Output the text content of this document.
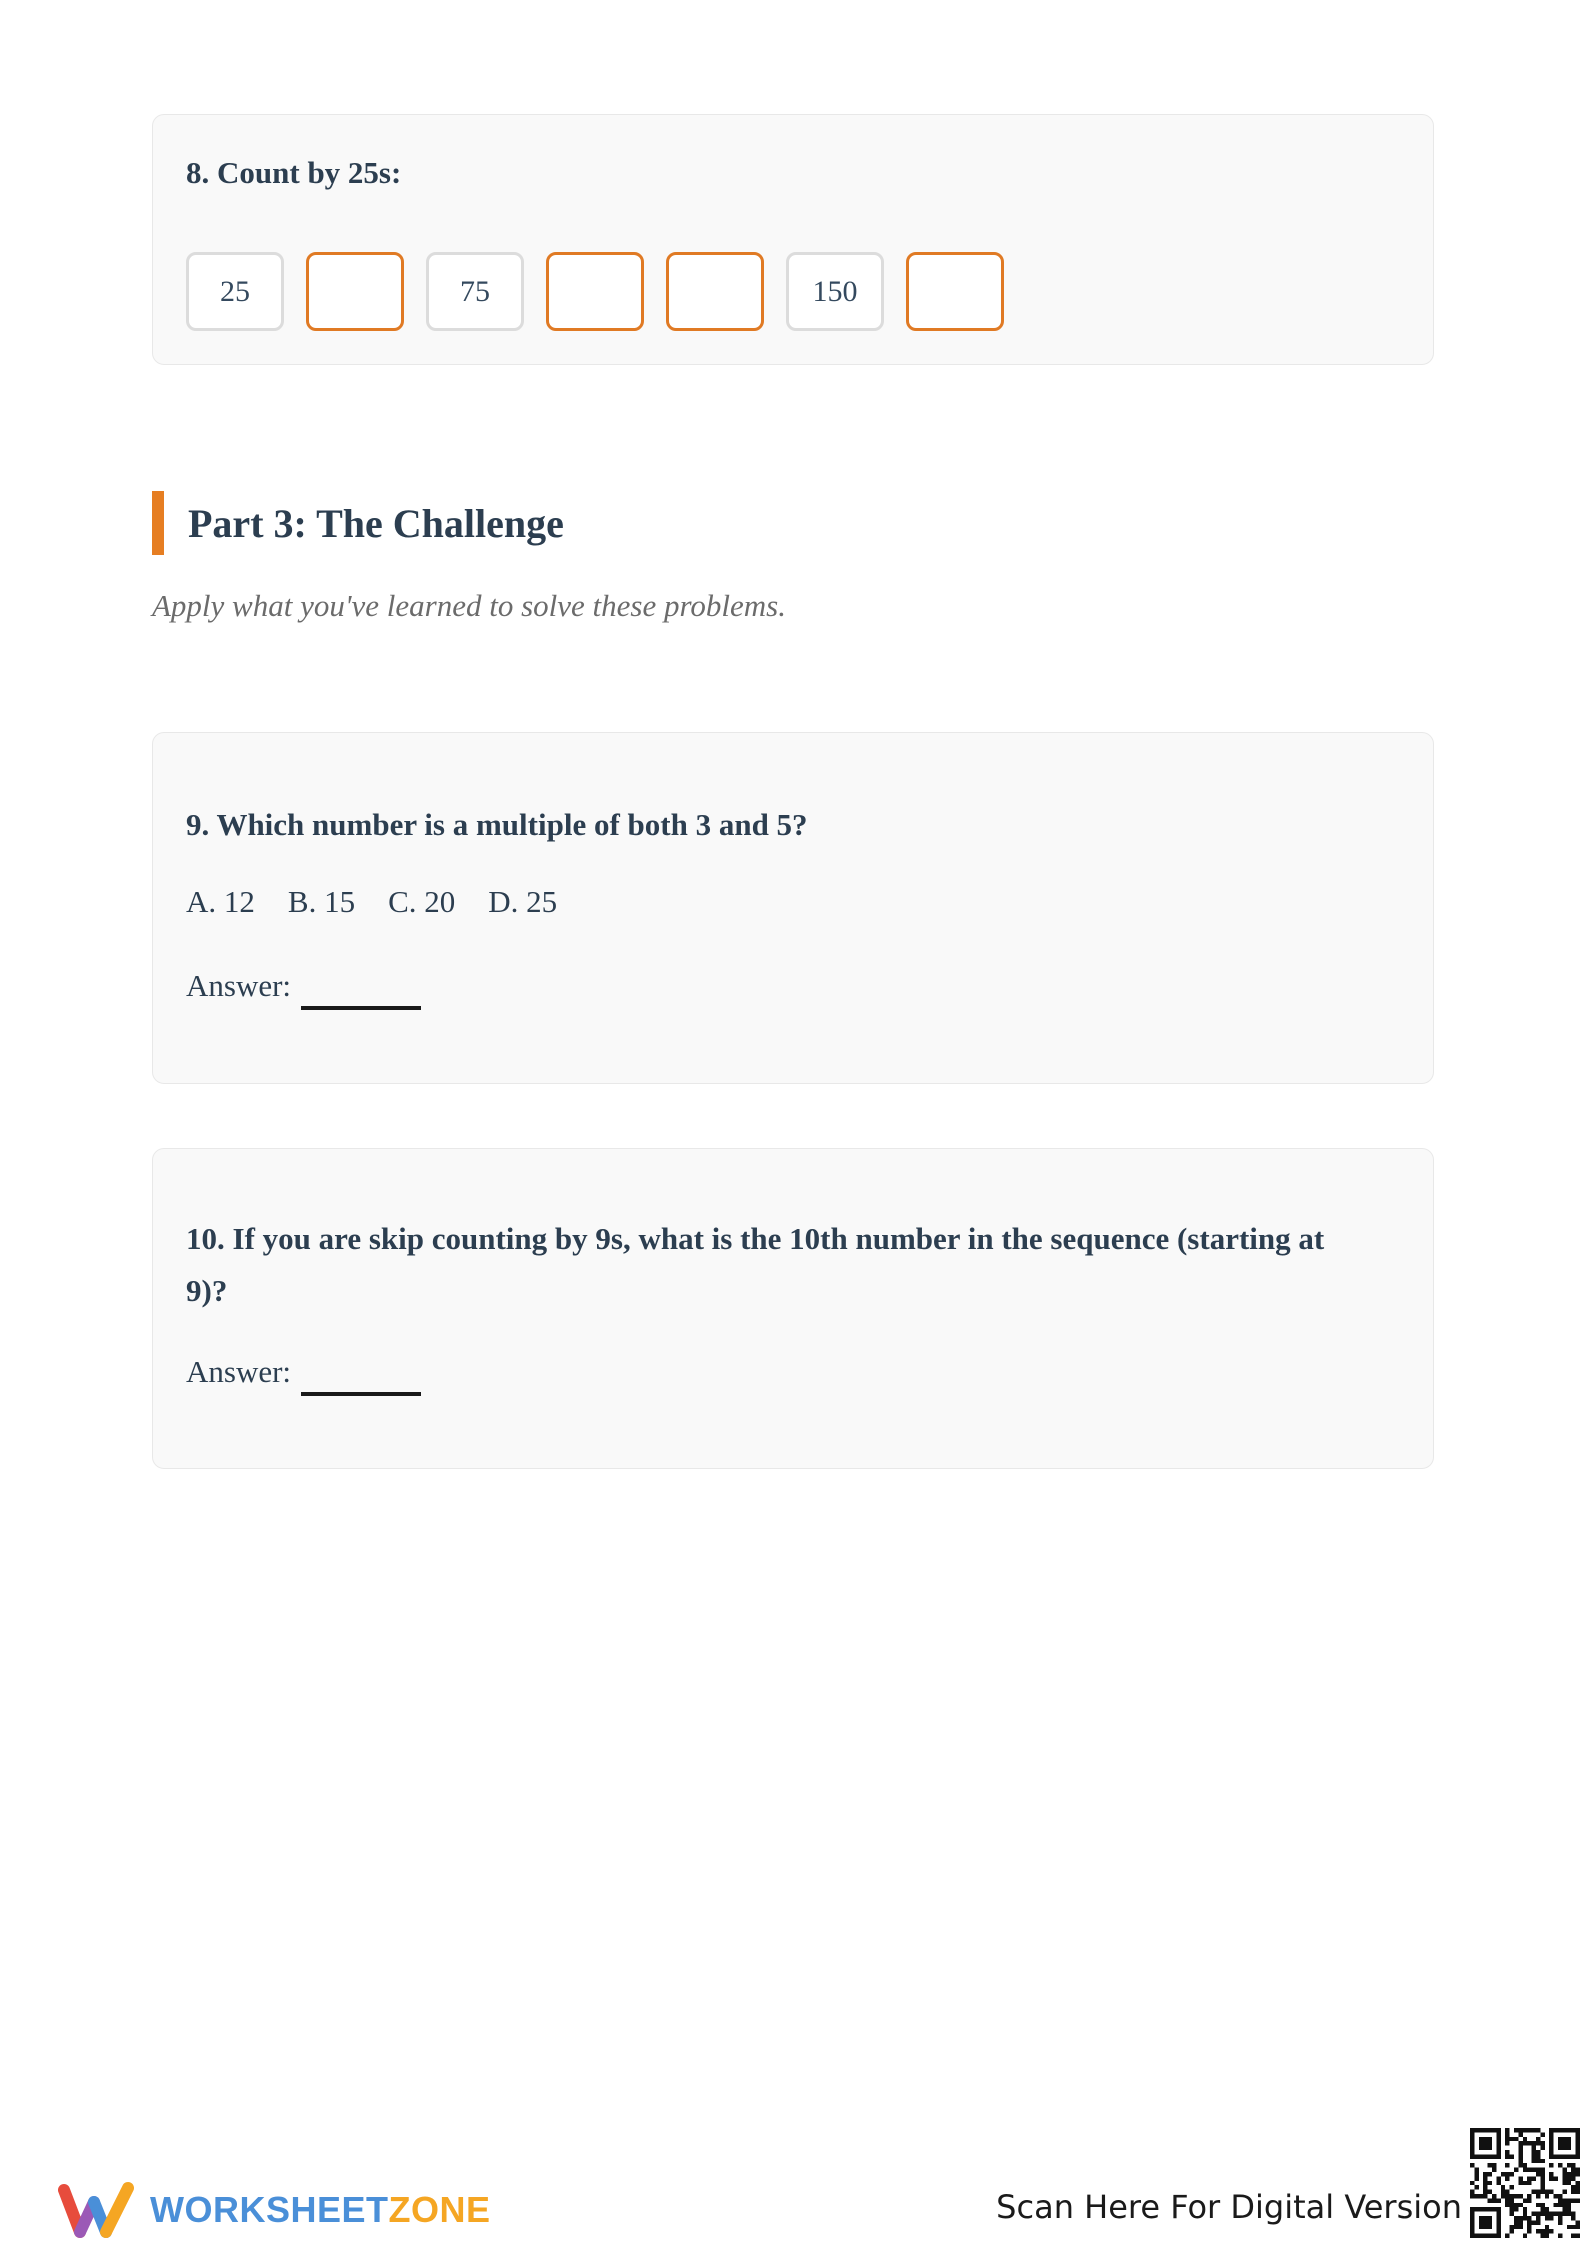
8. Count by 25s:
25	75	150
Part 3: The Challenge
Apply what you've learned to solve these problems.
9. Which number is a multiple of both 3 and 5?
A. 12 B. 15 C. 20 D. 25
Answer:
10. If you are skip counting by 9s, what is the 10th number in the sequence (starting at
9)?
Answer:
WORKSHEETZONE	Scan Here For Digital Version
